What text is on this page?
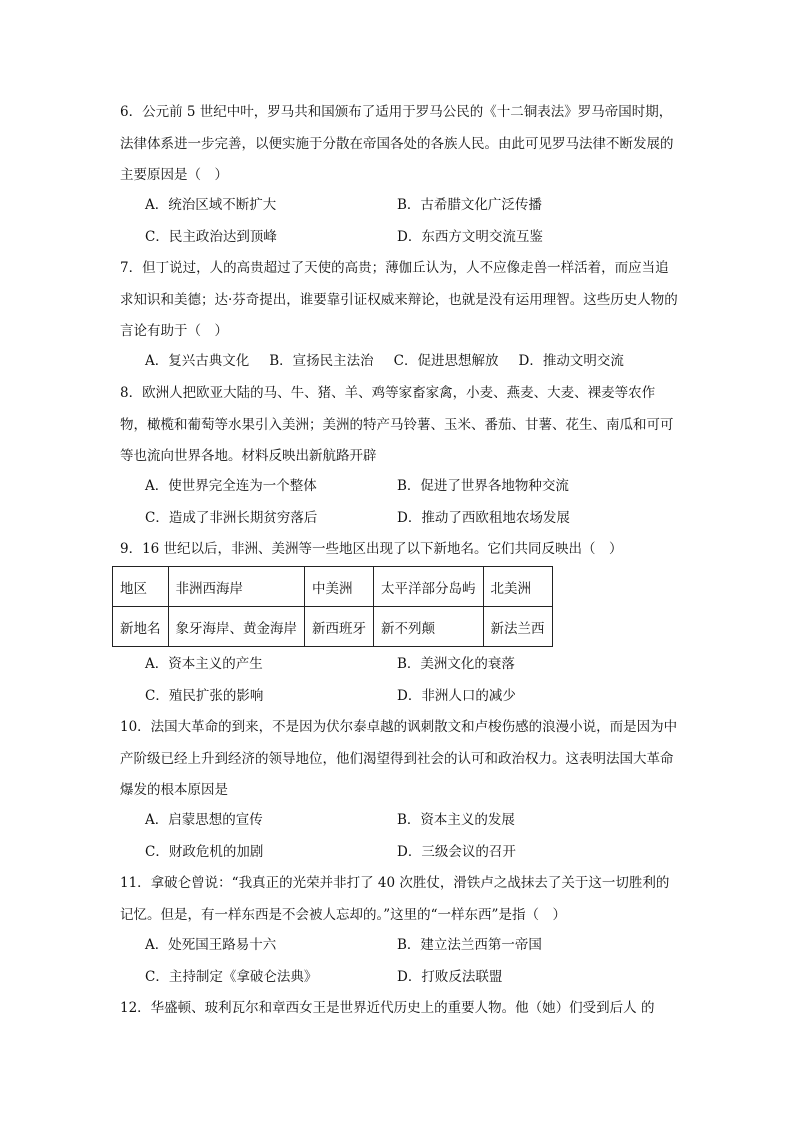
6．公元前 5 世纪中叶，罗马共和国颁布了适用于罗马公民的《十二铜表法》罗马帝国时期，法律体系进一步完善，以便实施于分散在帝国各处的各族人民。由此可见罗马法律不断发展的主要原因是（　）
A．统治区域不断扩大	B．古希腊文化广泛传播
C．民主政治达到顶峰	D．东西方文明交流互鉴
7．但丁说过，人的高贵超过了天使的高贵；薄伽丘认为，人不应像走兽一样活着，而应当追求知识和美德；达·芬奇提出，谁要靠引证权威来辩论，也就是没有运用理智。这些历史人物的言论有助于（　）
A．复兴古典文化 B．宣扬民主法治 C．促进思想解放 D．推动文明交流
8．欧洲人把欧亚大陆的马、牛、猪、羊、鸡等家畜家禽，小麦、燕麦、大麦、裸麦等农作物，橄榄和葡萄等水果引入美洲；美洲的特产马铃薯、玉米、番茄、甘薯、花生、南瓜和可可等也流向世界各地。材料反映出新航路开辟
A．使世界完全连为一个整体	B．促进了世界各地物种交流
C．造成了非洲长期贫穷落后	D．推动了西欧租地农场发展
9．16 世纪以后，非洲、美洲等一些地区出现了以下新地名。它们共同反映出（　）
地区	非洲西海岸	中美洲	太平洋部分岛屿	北美洲
新地名	象牙海岸、黄金海岸	新西班牙	新不列颠	新法兰西
A．资本主义的产生	B．美洲文化的衰落
C．殖民扩张的影响	D．非洲人口的减少
10．法国大革命的到来，不是因为伏尔泰卓越的讽刺散文和卢梭伤感的浪漫小说，而是因为中产阶级已经上升到经济的领导地位，他们渴望得到社会的认可和政治权力。这表明法国大革命爆发的根本原因是
A．启蒙思想的宣传	B．资本主义的发展
C．财政危机的加剧	D．三级会议的召开
11．拿破仑曾说：“我真正的光荣并非打了 40 次胜仗，滑铁卢之战抹去了关于这一切胜利的记忆。但是，有一样东西是不会被人忘却的。”这里的“一样东西”是指（　）
A．处死国王路易十六	B．建立法兰西第一帝国
C．主持制定《拿破仑法典》	D．打败反法联盟
12．华盛顿、玻利瓦尔和章西女王是世界近代历史上的重要人物。他（她）们受到后人 的
